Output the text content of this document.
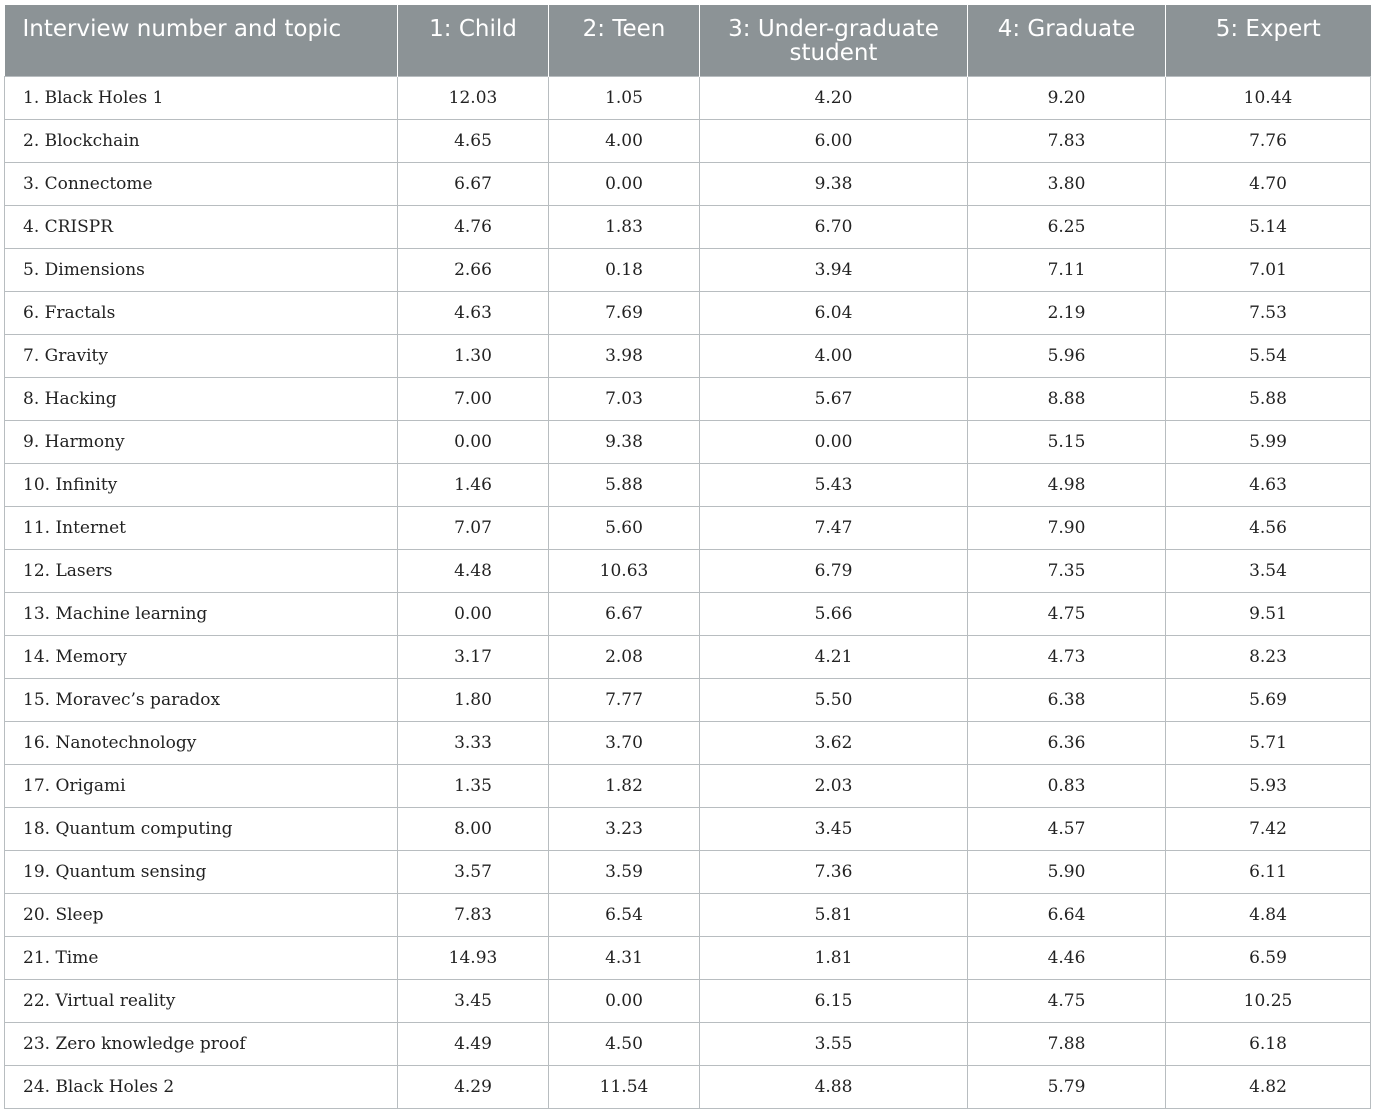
Interview number and topic	1: Child	2: Teen	3: Under-graduate student	4: Graduate	5: Expert
1. Black Holes 1	12.03	1.05	4.20	9.20	10.44
2. Blockchain	4.65	4.00	6.00	7.83	7.76
3. Connectome	6.67	0.00	9.38	3.80	4.70
4. CRISPR	4.76	1.83	6.70	6.25	5.14
5. Dimensions	2.66	0.18	3.94	7.11	7.01
6. Fractals	4.63	7.69	6.04	2.19	7.53
7. Gravity	1.30	3.98	4.00	5.96	5.54
8. Hacking	7.00	7.03	5.67	8.88	5.88
9. Harmony	0.00	9.38	0.00	5.15	5.99
10. Infinity	1.46	5.88	5.43	4.98	4.63
11. Internet	7.07	5.60	7.47	7.90	4.56
12. Lasers	4.48	10.63	6.79	7.35	3.54
13. Machine learning	0.00	6.67	5.66	4.75	9.51
14. Memory	3.17	2.08	4.21	4.73	8.23
15. Moravec’s paradox	1.80	7.77	5.50	6.38	5.69
16. Nanotechnology	3.33	3.70	3.62	6.36	5.71
17. Origami	1.35	1.82	2.03	0.83	5.93
18. Quantum computing	8.00	3.23	3.45	4.57	7.42
19. Quantum sensing	3.57	3.59	7.36	5.90	6.11
20. Sleep	7.83	6.54	5.81	6.64	4.84
21. Time	14.93	4.31	1.81	4.46	6.59
22. Virtual reality	3.45	0.00	6.15	4.75	10.25
23. Zero knowledge proof	4.49	4.50	3.55	7.88	6.18
24. Black Holes 2	4.29	11.54	4.88	5.79	4.82
